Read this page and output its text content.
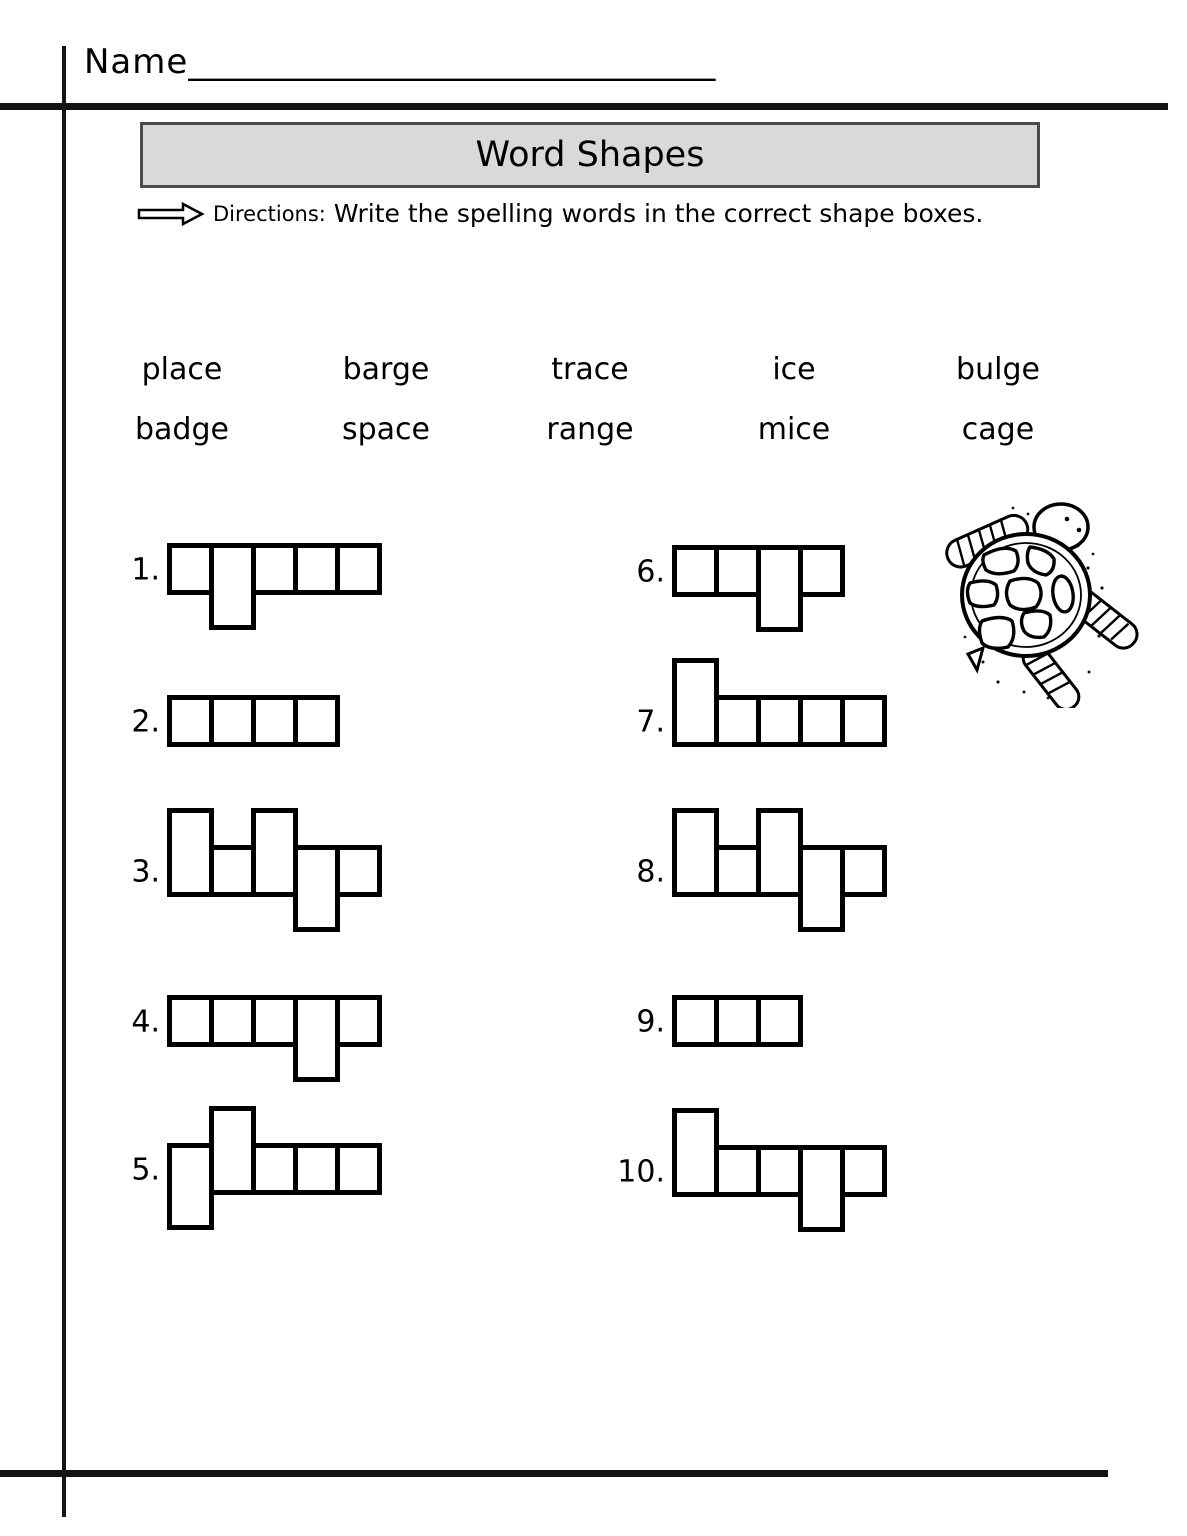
Name_______________________________
Word Shapes
Directions: Write the spelling words in the correct shape boxes.
place	barge	trace	ice	bulge
badge	space	range	mice	cage
1.
2.
3.
4.
5.
6.
7.
8.
9.
10.
